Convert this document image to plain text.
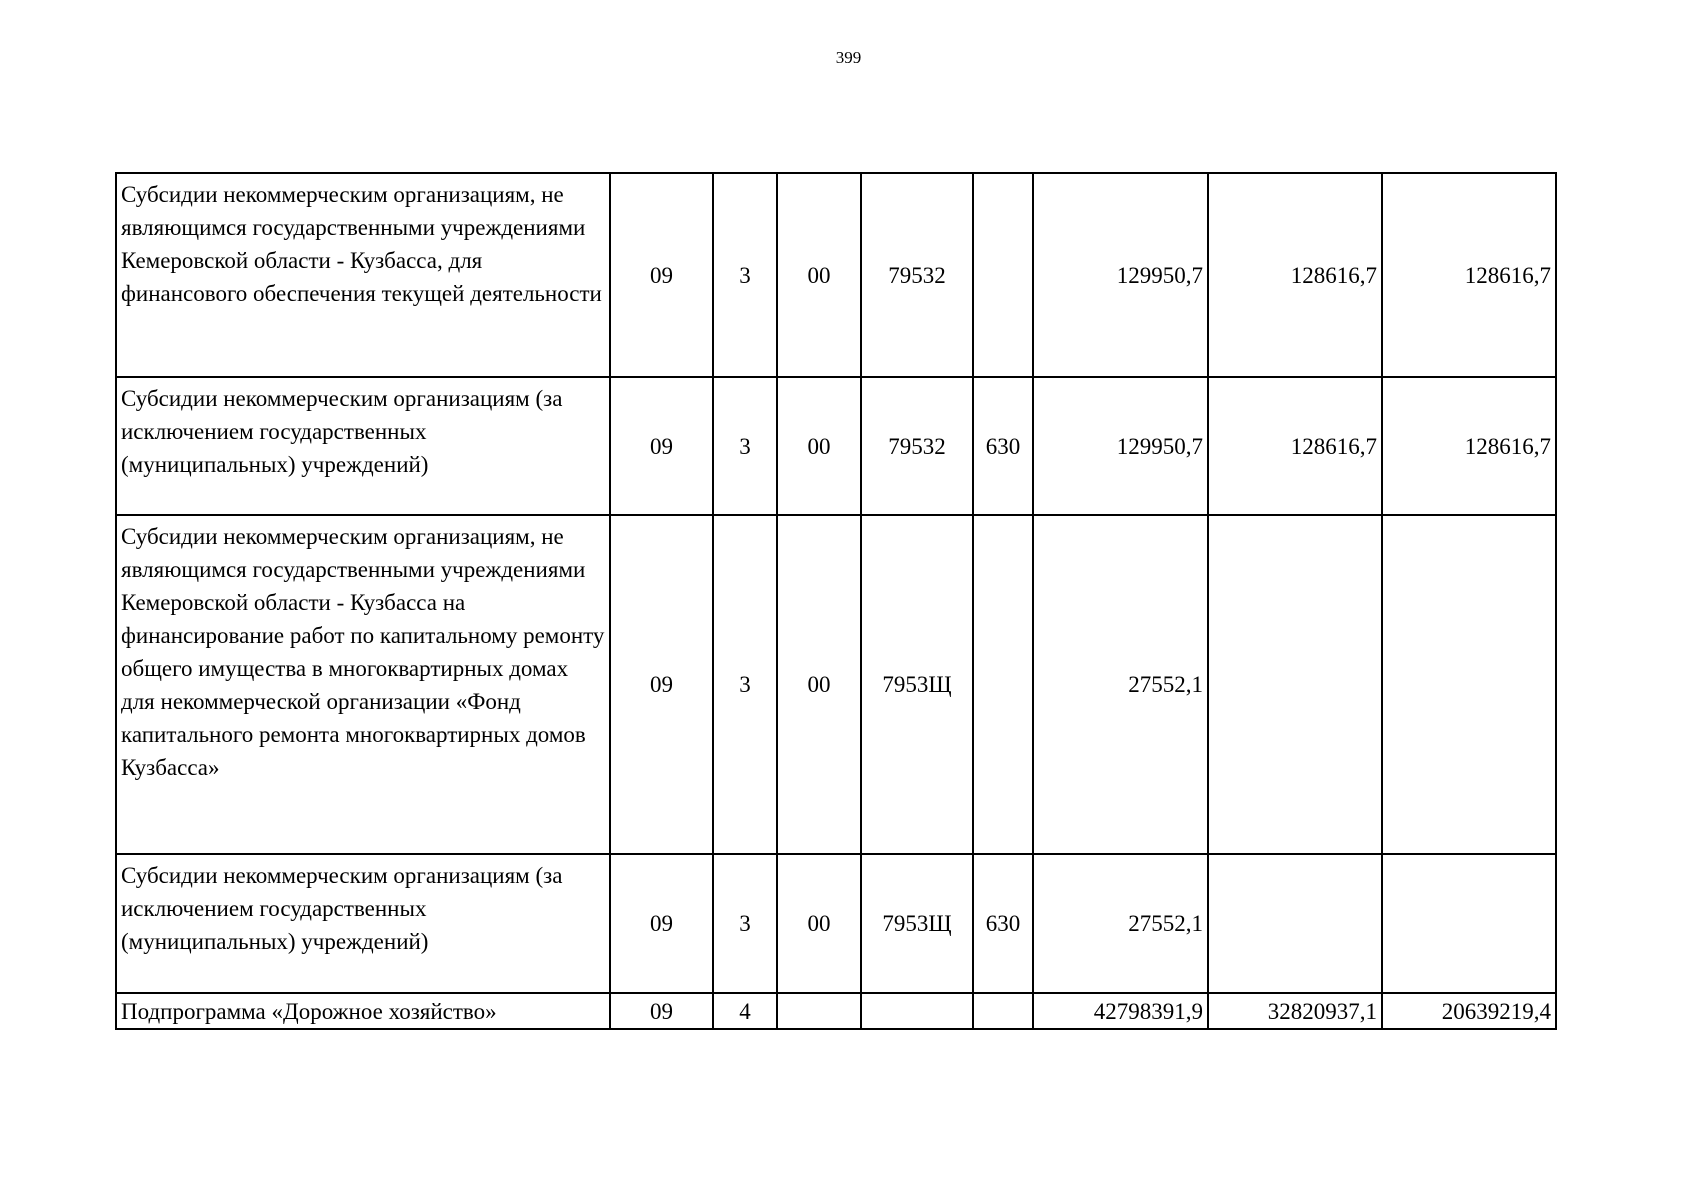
399
Субсидии некоммерческим организациям, не являющимся государственными учреждениями Кемеровской области - Кузбасса, для финансового обеспечения текущей деятельности	09	3	00	79532		129950,7	128616,7	128616,7
Субсидии некоммерческим организациям (за исключением государственных (муниципальных) учреждений)	09	3	00	79532	630	129950,7	128616,7	128616,7
Субсидии некоммерческим организациям, не являющимся государственными учреждениями Кемеровской области - Кузбасса на финансирование работ по капитальному ремонту общего имущества в многоквартирных домах для некоммерческой организации «Фонд капитального ремонта многоквартирных домов Кузбасса»	09	3	00	7953Щ		27552,1		
Субсидии некоммерческим организациям (за исключением государственных (муниципальных) учреждений)	09	3	00	7953Щ	630	27552,1		
Подпрограмма «Дорожное хозяйство»	09	4				42798391,9	32820937,1	20639219,4
